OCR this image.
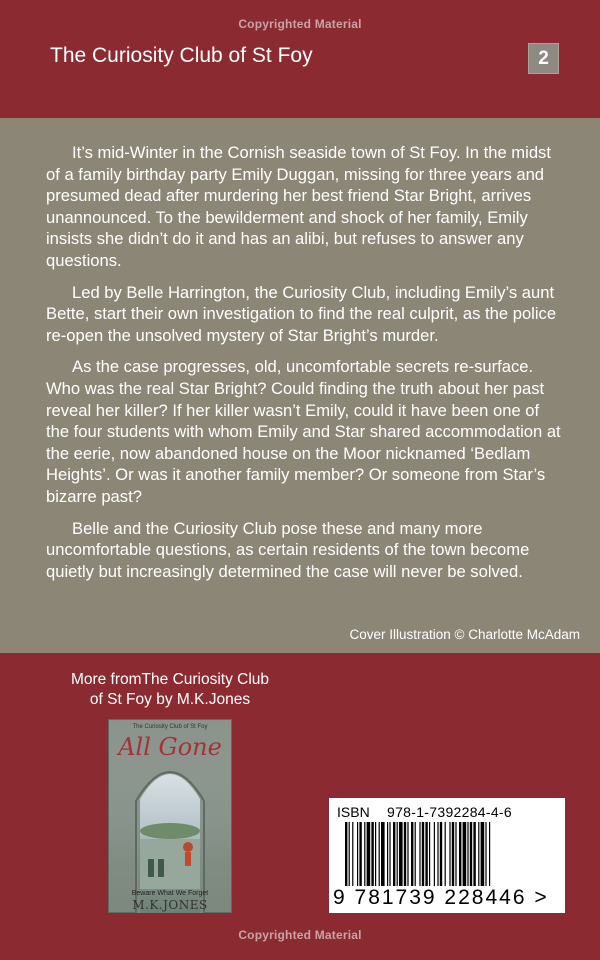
Copyrighted Material
The Curiosity Club of St Foy	2

It’s mid-Winter in the Cornish seaside town of St Foy. In the midst of a family birthday party Emily Duggan, missing for three years and presumed dead after murdering her best friend Star Bright, arrives unannounced. To the bewilderment and shock of her family, Emily insists she didn’t do it and has an alibi, but refuses to answer any questions.

Led by Belle Harrington, the Curiosity Club, including Emily’s aunt Bette, start their own investigation to find the real culprit, as the police re-open the unsolved mystery of Star Bright’s murder.

As the case progresses, old, uncomfortable secrets re-surface. Who was the real Star Bright? Could finding the truth about her past reveal her killer? If her killer wasn’t Emily, could it have been one of the four students with whom Emily and Star shared accommodation at the eerie, now abandoned house on the Moor nicknamed ‘Bedlam Heights’. Or was it another family member? Or someone from Star’s bizarre past?

Belle and the Curiosity Club pose these and many more uncomfortable questions, as certain residents of the town become quietly but increasingly determined the case will never be solved.

Cover Illustration © Charlotte McAdam
More fromThe Curiosity Club
of St Foy by M.K.Jones
The Curiosity Club of St Foy
All Gone
Beware What We Forget
M.K.JONES
ISBN 978-1-7392284-4-6
9 781739 228446 >
Copyrighted Material
